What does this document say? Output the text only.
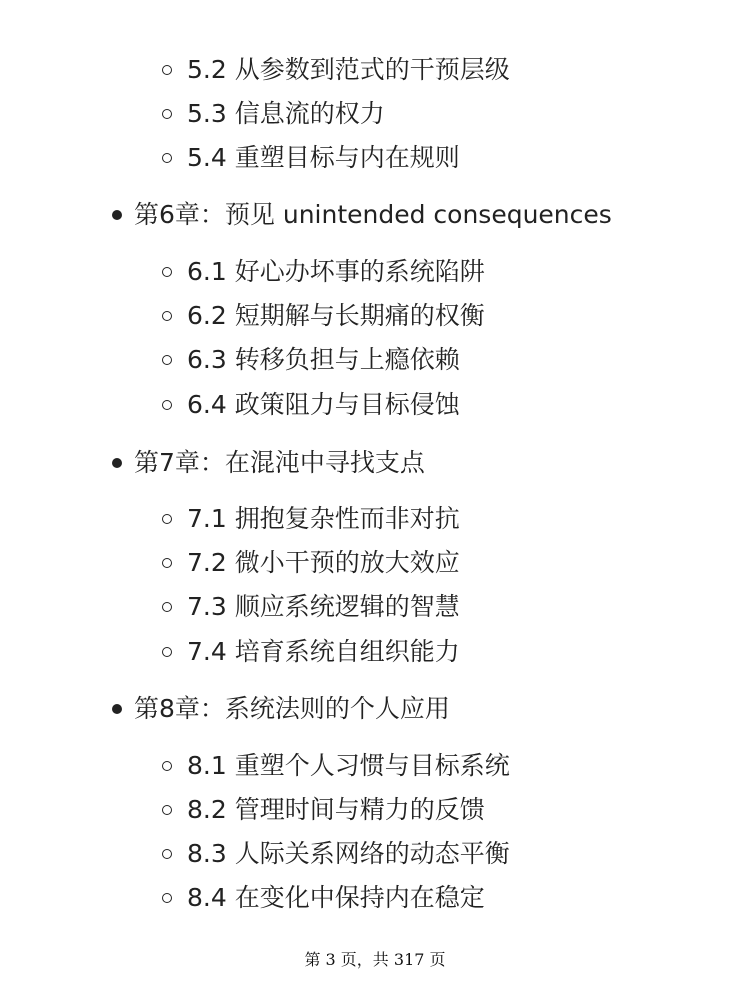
5.2 从参数到范式的干预层级
5.3 信息流的权力
5.4 重塑目标与内在规则
第6章：预见 unintended consequences
6.1 好心办坏事的系统陷阱
6.2 短期解与长期痛的权衡
6.3 转移负担与上瘾依赖
6.4 政策阻力与目标侵蚀
第7章：在混沌中寻找支点
7.1 拥抱复杂性而非对抗
7.2 微小干预的放大效应
7.3 顺应系统逻辑的智慧
7.4 培育系统自组织能力
第8章：系统法则的个人应用
8.1 重塑个人习惯与目标系统
8.2 管理时间与精力的反馈
8.3 人际关系网络的动态平衡
8.4 在变化中保持内在稳定
第 3 页，共 317 页
